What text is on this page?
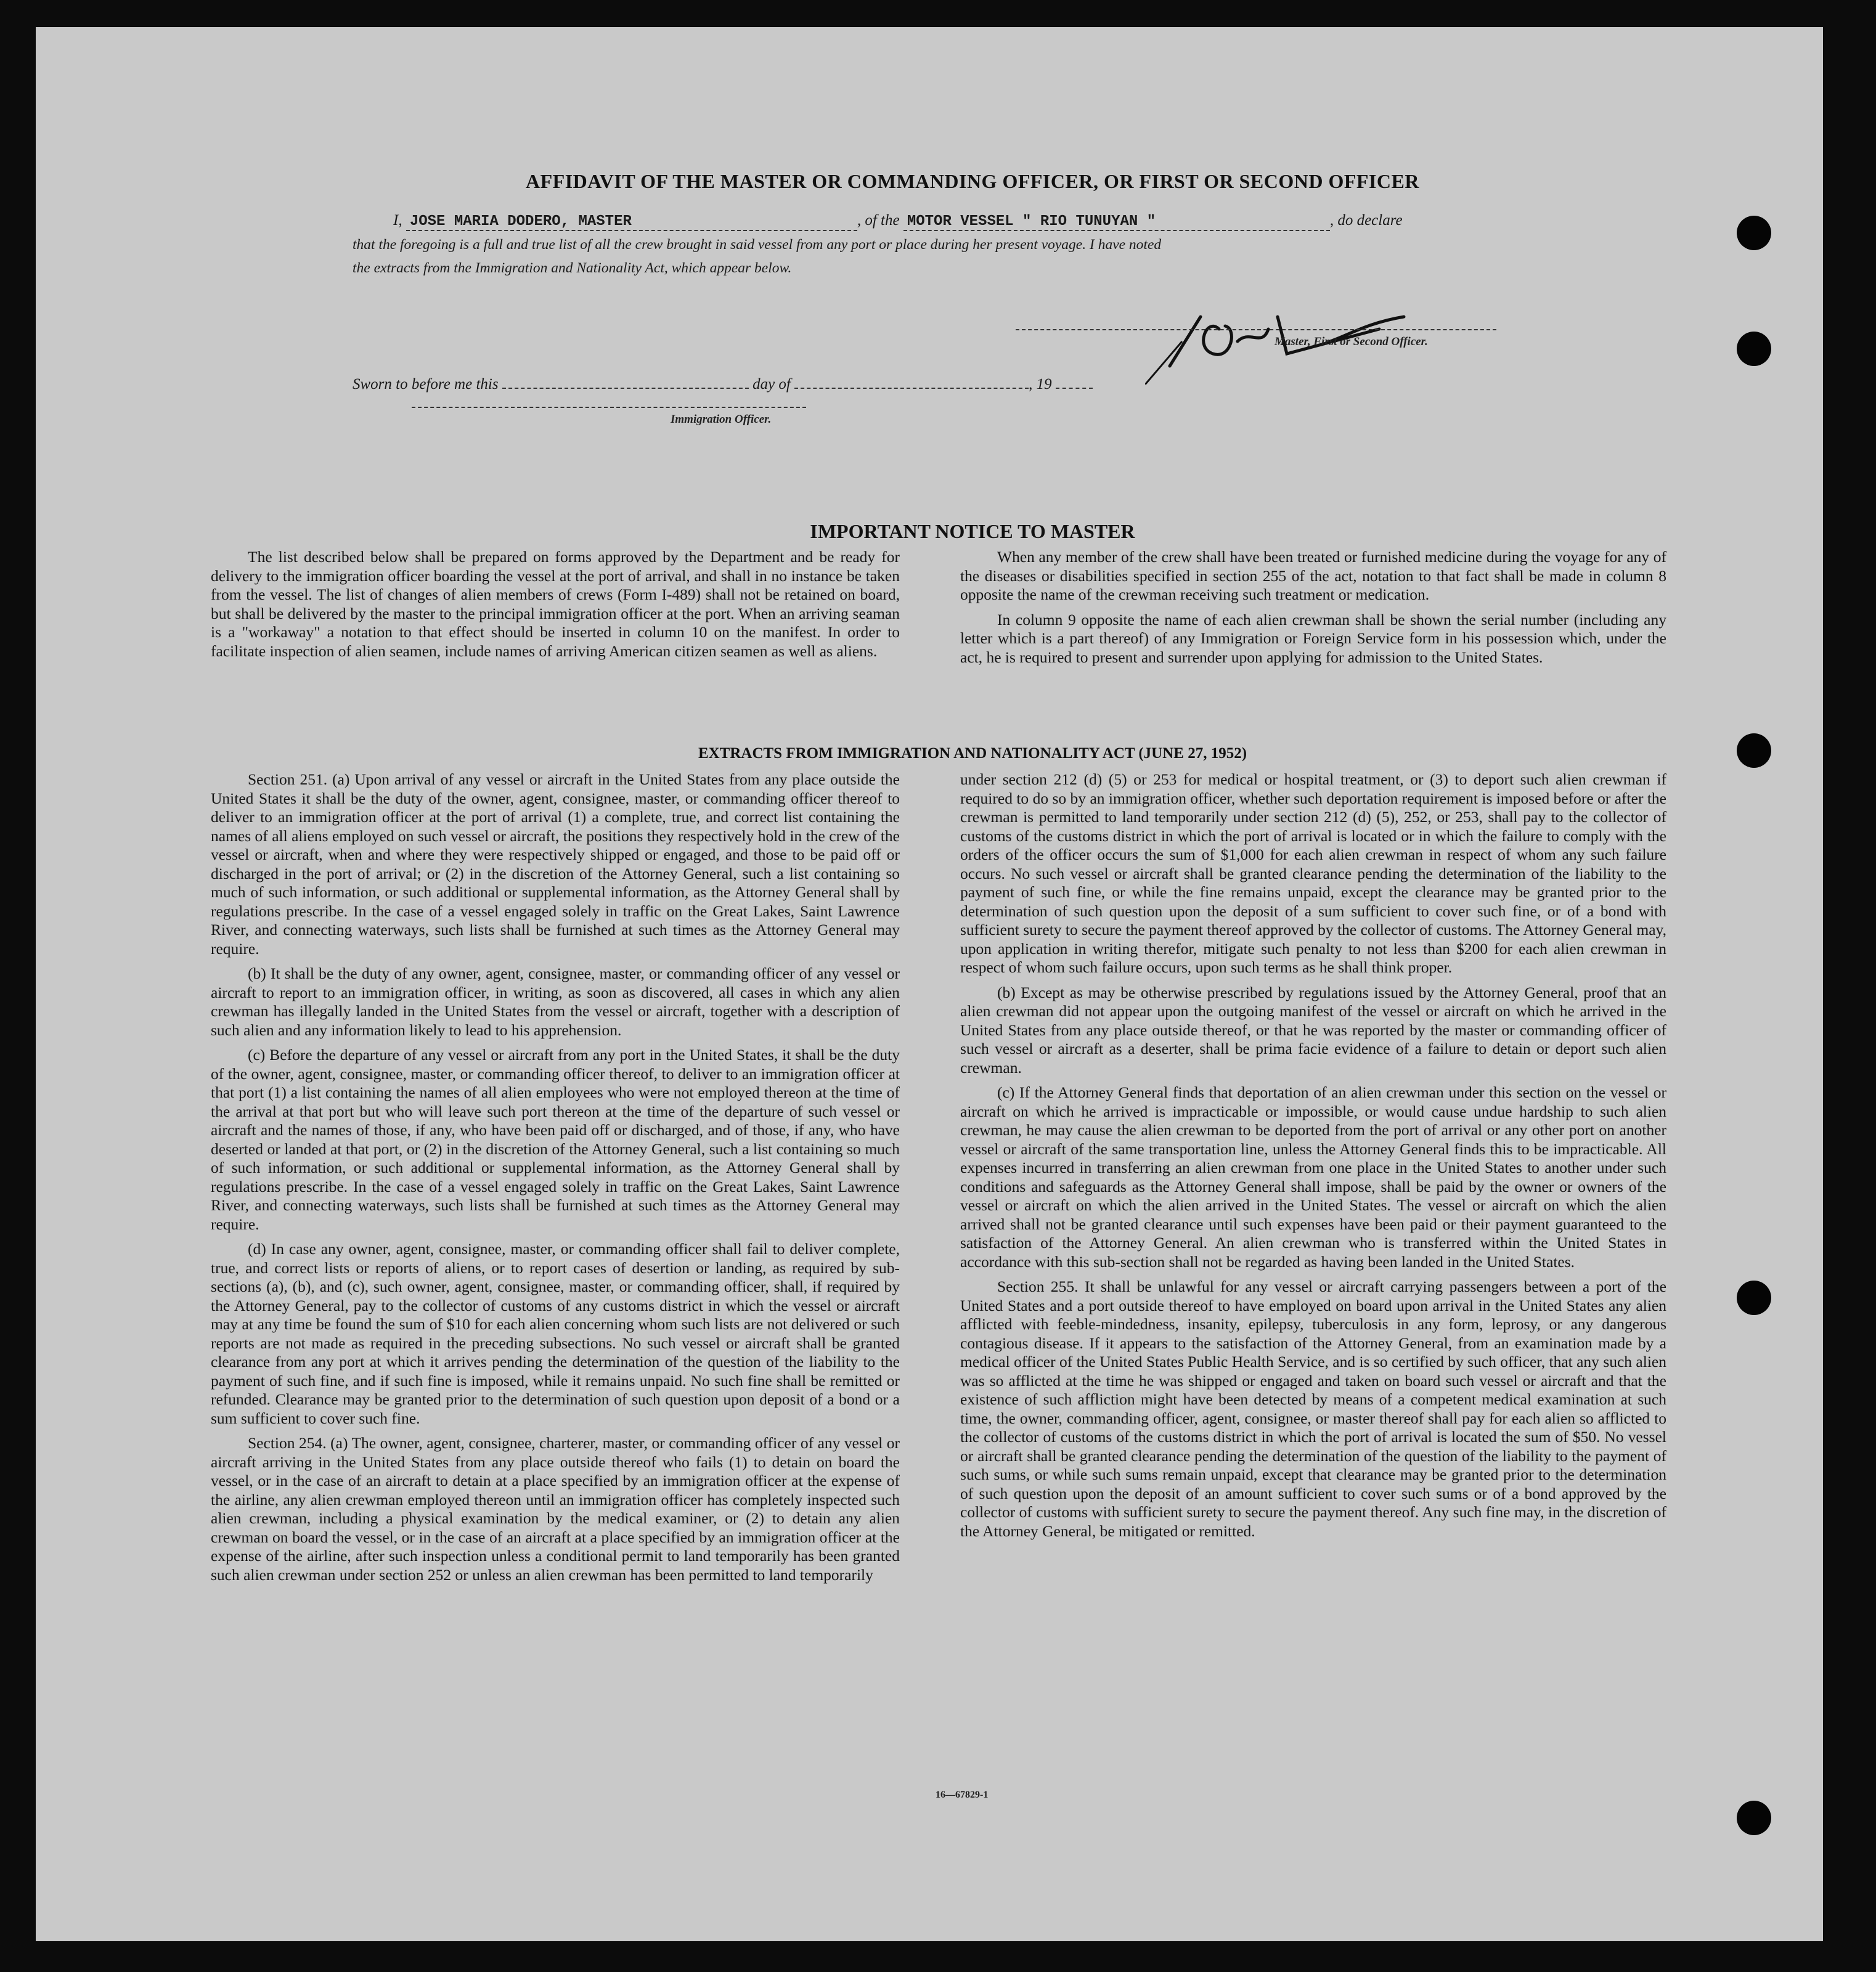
AFFIDAVIT OF THE MASTER OR COMMANDING OFFICER, OR FIRST OR SECOND OFFICER
I, JOSE MARIA DODERO, MASTER	, of the MOTOR VESSEL " RIO TUNUYAN "	, do declare
that the foregoing is a full and true list of all the crew brought in said vessel from any port or place during her present voyage. I have noted
the extracts from the Immigration and Nationality Act, which appear below.
Master, First or Second Officer.
Sworn to before me this	day of	, 19
Immigration Officer.
IMPORTANT NOTICE TO MASTER

The list described below shall be prepared on forms approved by the Department and be ready for delivery to the immigration officer boarding the vessel at the port of arrival, and shall in no instance be taken from the vessel. The list of changes of alien members of crews (Form I-489) shall not be retained on board, but shall be delivered by the master to the principal immigration officer at the port. When an arriving seaman is a "workaway" a notation to that effect should be inserted in column 10 on the manifest. In order to facilitate inspection of alien seamen, include names of arriving American citizen seamen as well as aliens.

When any member of the crew shall have been treated or furnished medicine during the voyage for any of the diseases or disabilities specified in section 255 of the act, notation to that fact shall be made in column 8 opposite the name of the crewman receiving such treatment or medication.

In column 9 opposite the name of each alien crewman shall be shown the serial number (including any letter which is a part thereof) of any Immigration or Foreign Service form in his possession which, under the act, he is required to present and surrender upon applying for admission to the United States.

EXTRACTS FROM IMMIGRATION AND NATIONALITY ACT (JUNE 27, 1952)

Section 251. (a) Upon arrival of any vessel or aircraft in the United States from any place outside the United States it shall be the duty of the owner, agent, consignee, master, or commanding officer thereof to deliver to an immigration officer at the port of arrival (1) a complete, true, and correct list containing the names of all aliens employed on such vessel or aircraft, the positions they respectively hold in the crew of the vessel or aircraft, when and where they were respectively shipped or engaged, and those to be paid off or discharged in the port of arrival; or (2) in the discretion of the Attorney General, such a list containing so much of such information, or such additional or supplemental information, as the Attorney General shall by regulations prescribe. In the case of a vessel engaged solely in traffic on the Great Lakes, Saint Lawrence River, and connecting waterways, such lists shall be furnished at such times as the Attorney General may require.

(b) It shall be the duty of any owner, agent, consignee, master, or commanding officer of any vessel or aircraft to report to an immigration officer, in writing, as soon as discovered, all cases in which any alien crewman has illegally landed in the United States from the vessel or aircraft, together with a description of such alien and any information likely to lead to his apprehension.

(c) Before the departure of any vessel or aircraft from any port in the United States, it shall be the duty of the owner, agent, consignee, master, or commanding officer thereof, to deliver to an immigration officer at that port (1) a list containing the names of all alien employees who were not employed thereon at the time of the arrival at that port but who will leave such port thereon at the time of the departure of such vessel or aircraft and the names of those, if any, who have been paid off or discharged, and of those, if any, who have deserted or landed at that port, or (2) in the discretion of the Attorney General, such a list containing so much of such information, or such additional or supplemental information, as the Attorney General shall by regulations prescribe. In the case of a vessel engaged solely in traffic on the Great Lakes, Saint Lawrence River, and connecting waterways, such lists shall be furnished at such times as the Attorney General may require.

(d) In case any owner, agent, consignee, master, or commanding officer shall fail to deliver complete, true, and correct lists or reports of aliens, or to report cases of desertion or landing, as required by sub-sections (a), (b), and (c), such owner, agent, consignee, master, or commanding officer, shall, if required by the Attorney General, pay to the collector of customs of any customs district in which the vessel or aircraft may at any time be found the sum of $10 for each alien concerning whom such lists are not delivered or such reports are not made as required in the preceding subsections. No such vessel or aircraft shall be granted clearance from any port at which it arrives pending the determination of the question of the liability to the payment of such fine, and if such fine is imposed, while it remains unpaid. No such fine shall be remitted or refunded. Clearance may be granted prior to the determination of such question upon deposit of a bond or a sum sufficient to cover such fine.

Section 254. (a) The owner, agent, consignee, charterer, master, or commanding officer of any vessel or aircraft arriving in the United States from any place outside thereof who fails (1) to detain on board the vessel, or in the case of an aircraft to detain at a place specified by an immigration officer at the expense of the airline, any alien crewman employed thereon until an immigration officer has completely inspected such alien crewman, including a physical examination by the medical examiner, or (2) to detain any alien crewman on board the vessel, or in the case of an aircraft at a place specified by an immigration officer at the expense of the airline, after such inspection unless a conditional permit to land temporarily has been granted such alien crewman under section 252 or unless an alien crewman has been permitted to land temporarily

under section 212 (d) (5) or 253 for medical or hospital treatment, or (3) to deport such alien crewman if required to do so by an immigration officer, whether such deportation requirement is imposed before or after the crewman is permitted to land temporarily under section 212 (d) (5), 252, or 253, shall pay to the collector of customs of the customs district in which the port of arrival is located or in which the failure to comply with the orders of the officer occurs the sum of $1,000 for each alien crewman in respect of whom any such failure occurs. No such vessel or aircraft shall be granted clearance pending the determination of the liability to the payment of such fine, or while the fine remains unpaid, except the clearance may be granted prior to the determination of such question upon the deposit of a sum sufficient to cover such fine, or of a bond with sufficient surety to secure the payment thereof approved by the collector of customs. The Attorney General may, upon application in writing therefor, mitigate such penalty to not less than $200 for each alien crewman in respect of whom such failure occurs, upon such terms as he shall think proper.

(b) Except as may be otherwise prescribed by regulations issued by the Attorney General, proof that an alien crewman did not appear upon the outgoing manifest of the vessel or aircraft on which he arrived in the United States from any place outside thereof, or that he was reported by the master or commanding officer of such vessel or aircraft as a deserter, shall be prima facie evidence of a failure to detain or deport such alien crewman.

(c) If the Attorney General finds that deportation of an alien crewman under this section on the vessel or aircraft on which he arrived is impracticable or impossible, or would cause undue hardship to such alien crewman, he may cause the alien crewman to be deported from the port of arrival or any other port on another vessel or aircraft of the same transportation line, unless the Attorney General finds this to be impracticable. All expenses incurred in transferring an alien crewman from one place in the United States to another under such conditions and safeguards as the Attorney General shall impose, shall be paid by the owner or owners of the vessel or aircraft on which the alien arrived in the United States. The vessel or aircraft on which the alien arrived shall not be granted clearance until such expenses have been paid or their payment guaranteed to the satisfaction of the Attorney General. An alien crewman who is transferred within the United States in accordance with this sub-section shall not be regarded as having been landed in the United States.

Section 255. It shall be unlawful for any vessel or aircraft carrying passengers between a port of the United States and a port outside thereof to have employed on board upon arrival in the United States any alien afflicted with feeble-mindedness, insanity, epilepsy, tuberculosis in any form, leprosy, or any dangerous contagious disease. If it appears to the satisfaction of the Attorney General, from an examination made by a medical officer of the United States Public Health Service, and is so certified by such officer, that any such alien was so afflicted at the time he was shipped or engaged and taken on board such vessel or aircraft and that the existence of such affliction might have been detected by means of a competent medical examination at such time, the owner, commanding officer, agent, consignee, or master thereof shall pay for each alien so afflicted to the collector of customs of the customs district in which the port of arrival is located the sum of $50. No vessel or aircraft shall be granted clearance pending the determination of the question of the liability to the payment of such sums, or while such sums remain unpaid, except that clearance may be granted prior to the determination of such question upon the deposit of an amount sufficient to cover such sums or of a bond approved by the collector of customs with sufficient surety to secure the payment thereof. Any such fine may, in the discretion of the Attorney General, be mitigated or remitted.

16—67829-1
